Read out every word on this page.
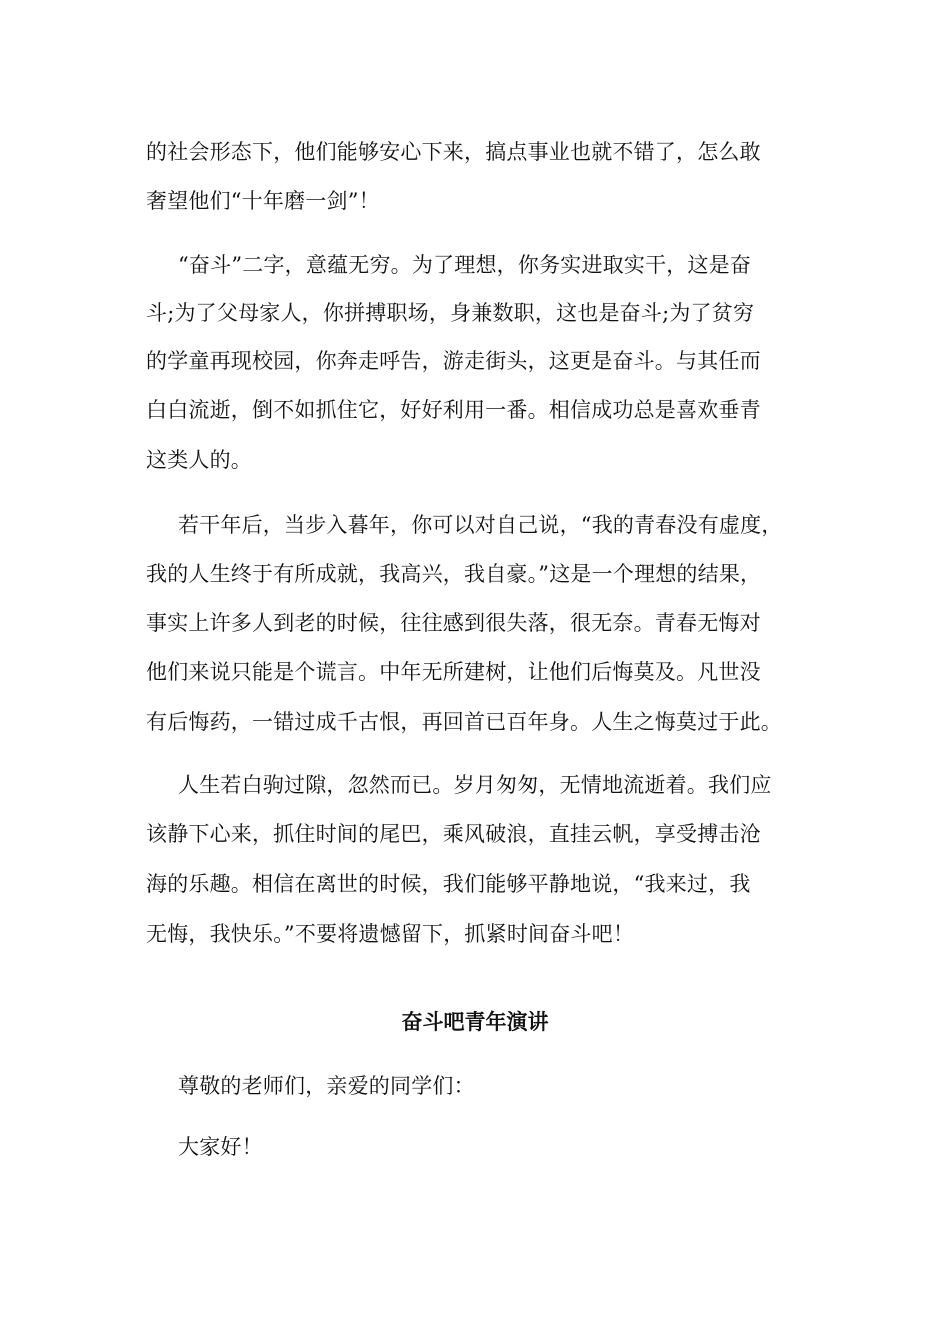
的社会形态下，他们能够安心下来，搞点事业也就不错了，怎么敢
奢望他们“十年磨一剑”！
“奋斗”二字，意蕴无穷。为了理想，你务实进取实干，这是奋
斗;为了父母家人，你拼搏职场，身兼数职，这也是奋斗;为了贫穷
的学童再现校园，你奔走呼告，游走街头，这更是奋斗。与其任而
白白流逝，倒不如抓住它，好好利用一番。相信成功总是喜欢垂青
这类人的。
若干年后，当步入暮年，你可以对自己说，“我的青春没有虚度，
我的人生终于有所成就，我高兴，我自豪。”这是一个理想的结果，
事实上许多人到老的时候，往往感到很失落，很无奈。青春无悔对
他们来说只能是个谎言。中年无所建树，让他们后悔莫及。凡世没
有后悔药，一错过成千古恨，再回首已百年身。人生之悔莫过于此。
人生若白驹过隙，忽然而已。岁月匆匆，无情地流逝着。我们应
该静下心来，抓住时间的尾巴，乘风破浪，直挂云帆，享受搏击沧
海的乐趣。相信在离世的时候，我们能够平静地说，“我来过，我
无悔，我快乐。”不要将遗憾留下，抓紧时间奋斗吧！
奋斗吧青年演讲
尊敬的老师们，亲爱的同学们：
大家好！
